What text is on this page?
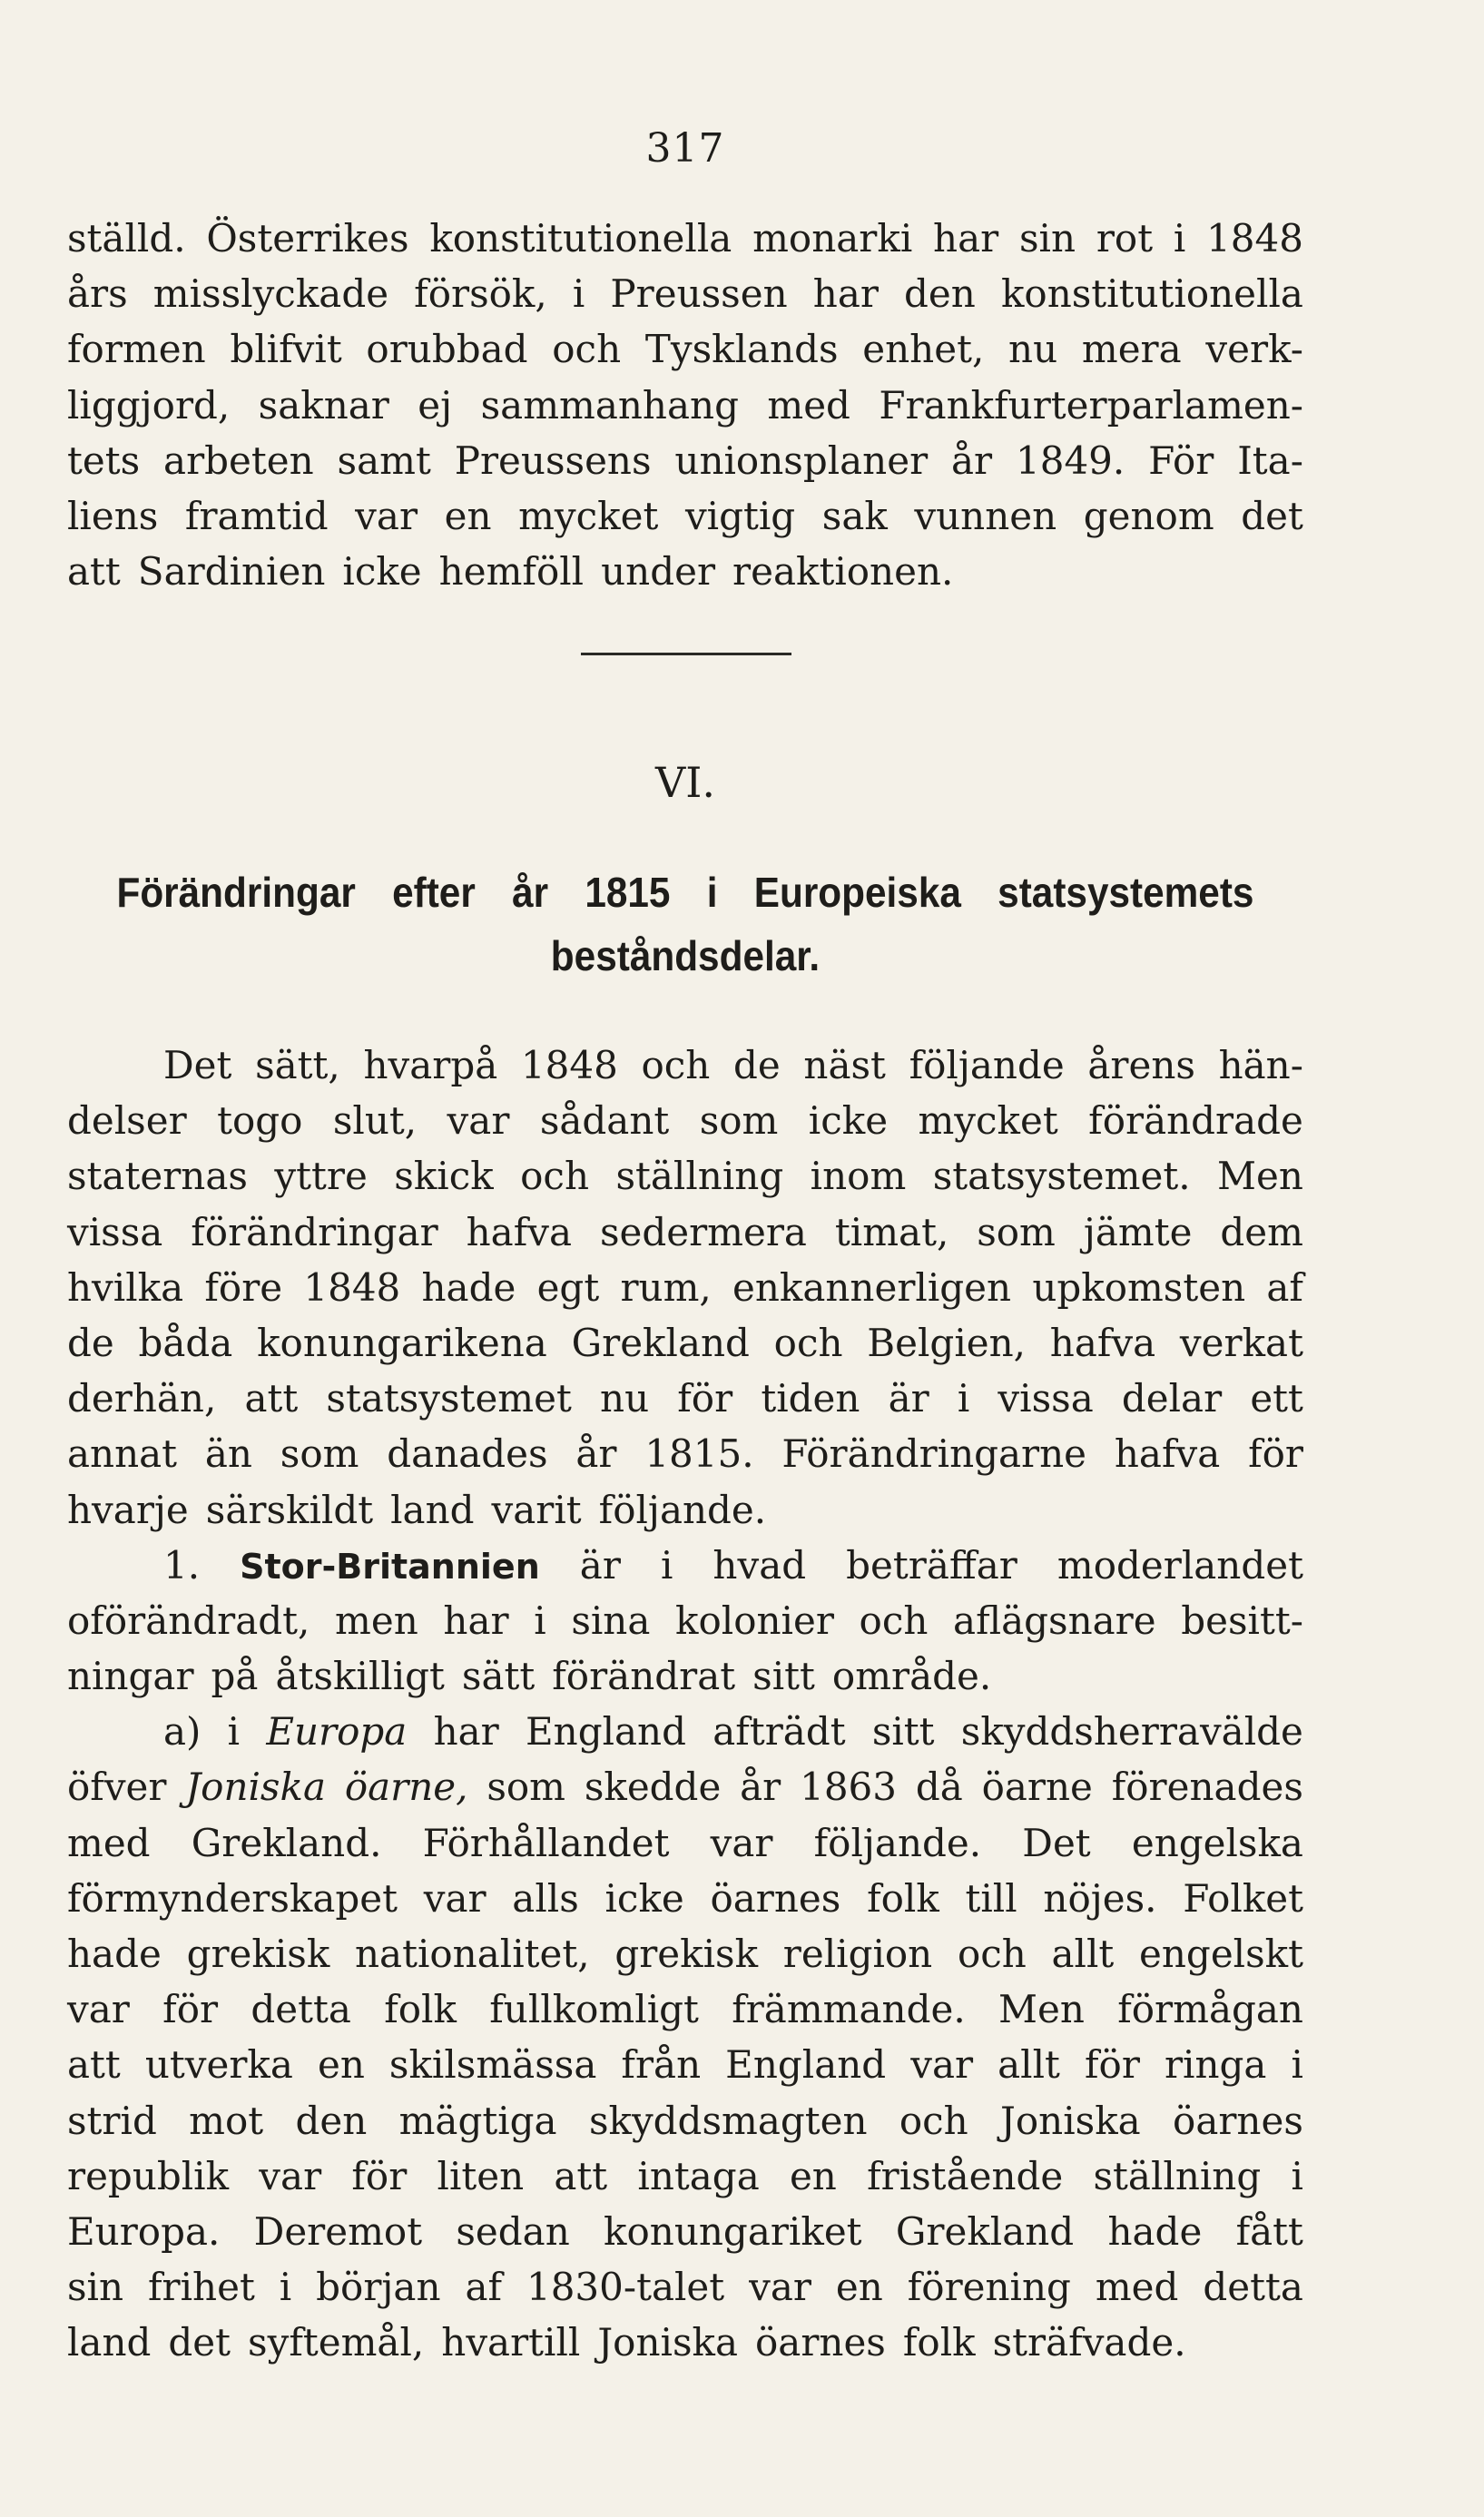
317
ställd. Österrikes konstitutionella monarki har sin rot i 1848
års misslyckade försök, i Preussen har den konstitutionella
formen blifvit orubbad och Tysklands enhet, nu mera verk-
liggjord, saknar ej sammanhang med Frankfurterparlamen-
tets arbeten samt Preussens unionsplaner år 1849. För Ita-
liens framtid var en mycket vigtig sak vunnen genom det
att Sardinien icke hemföll under reaktionen.
VI.
Förändringar efter år 1815 i Europeiska statsystemets
beståndsdelar.
Det sätt, hvarpå 1848 och de näst följande årens hän-
delser togo slut, var sådant som icke mycket förändrade
staternas yttre skick och ställning inom statsystemet. Men
vissa förändringar hafva sedermera timat, som jämte dem
hvilka före 1848 hade egt rum, enkannerligen upkomsten af
de båda konungarikena Grekland och Belgien, hafva verkat
derhän, att statsystemet nu för tiden är i vissa delar ett
annat än som danades år 1815. Förändringarne hafva för
hvarje särskildt land varit följande.
1. Stor-Britannien är i hvad beträffar moderlandet
oförändradt, men har i sina kolonier och aflägsnare besitt-
ningar på åtskilligt sätt förändrat sitt område.
a) i Europa har England afträdt sitt skyddsherravälde
öfver Joniska öarne, som skedde år 1863 då öarne förenades
med Grekland. Förhållandet var följande. Det engelska
förmynderskapet var alls icke öarnes folk till nöjes. Folket
hade grekisk nationalitet, grekisk religion och allt engelskt
var för detta folk fullkomligt främmande. Men förmågan
att utverka en skilsmässa från England var allt för ringa i
strid mot den mägtiga skyddsmagten och Joniska öarnes
republik var för liten att intaga en fristående ställning i
Europa. Deremot sedan konungariket Grekland hade fått
sin frihet i början af 1830-talet var en förening med detta
land det syftemål, hvartill Joniska öarnes folk sträfvade.
